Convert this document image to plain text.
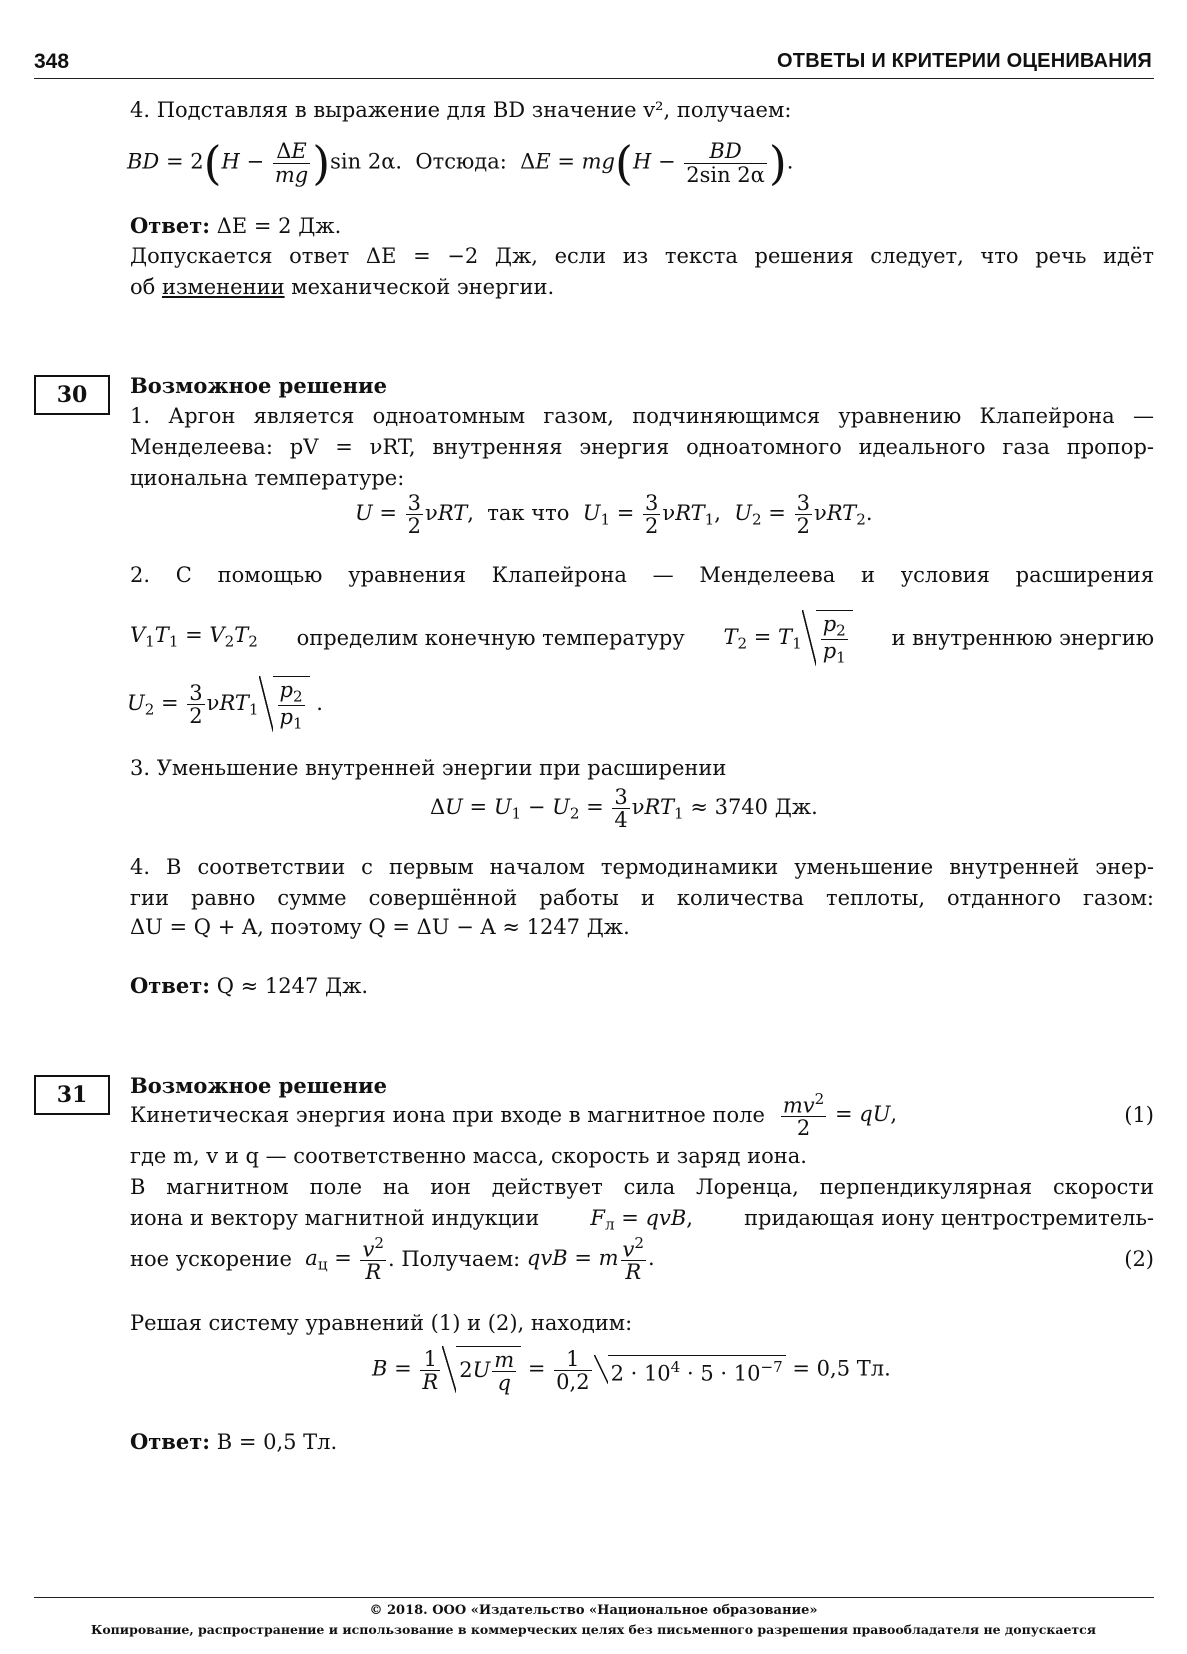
348	ОТВЕТЫ И КРИТЕРИИ ОЦЕНИВАНИЯ
4. Подставляя в выражение для BD значение v², получаем:
BD = $2(H - \frac{\Delta E}{mg} )\sin$ 2α.  Отсюда:  $\Delta E = mg(H - \frac{BD}{2\sin 2\alpha}$ ).
Ответ: ΔE = 2 Дж.
Допускается ответ ΔE = −2 Дж, если из текста решения следует, что речь идёт
об изменении механической энергии.
30	Возможное решение
1. Аргон является одноатомным газом, подчиняющимся уравнению Клапейрона —
Менделеева: pV = νRT, внутренняя энергия одноатомного идеального газа пропор-
циональна температуре:
$U = \frac{3}{2} \nu RT$,  так что $U_1 = \frac{3}{2} \nu RT_1$,  $U_2 = \frac{3}{2} \nu RT_2$.
2. С помощью уравнения Клапейрона — Менделеева и условия расширения
$V_1T_1 = V_2T_2$ определим конечную температуру $T_2 = T_1 \frac{p_2}{p_1}$ и внутреннюю энергию
$U_2 = \frac{3}{2} \nu RT_1 \frac{p_2}{p_1}$ .
3. Уменьшение внутренней энергии при расширении
$\Delta U = U_1 - U_2 = \frac{3}{4} \nu RT_1 \approx 3740$ Дж.
4. В соответствии с первым началом термодинамики уменьшение внутренней энер-
гии равно сумме совершённой работы и количества теплоты, отданного газом:
ΔU = Q + A, поэтому Q = ΔU − A ≈ 1247 Дж.
Ответ: Q ≈ 1247 Дж.
31	Возможное решение
Кинетическая энергия иона при входе в магнитное поле $\frac{mv^2}{2}$ = qU,	(1)
где m, v и q — соответственно масса, скорость и заряд иона.
В магнитном поле на ион действует сила Лоренца, перпендикулярная скорости
иона и вектору магнитной индукции $F_л$ = qvB, придающая иону центростремитель-
ное ускорение
$a_ц = \frac{v^2}{R}$ . Получаем:
qvB = m $\frac{v^2}{R}$ .	(2)
Решая систему уравнений (1) и (2), находим:
$B = \frac{1}{R} 2U \frac{m}{q} = \frac{1}{0,2} 2 \cdot 10^4 \cdot 5 \cdot 10^{-7} = 0,5$ Тл.
Ответ: B = 0,5 Тл.
© 2018. ООО «Издательство «Национальное образование»
Копирование, распространение и использование в коммерческих целях без письменного разрешения правообладателя не допускается
